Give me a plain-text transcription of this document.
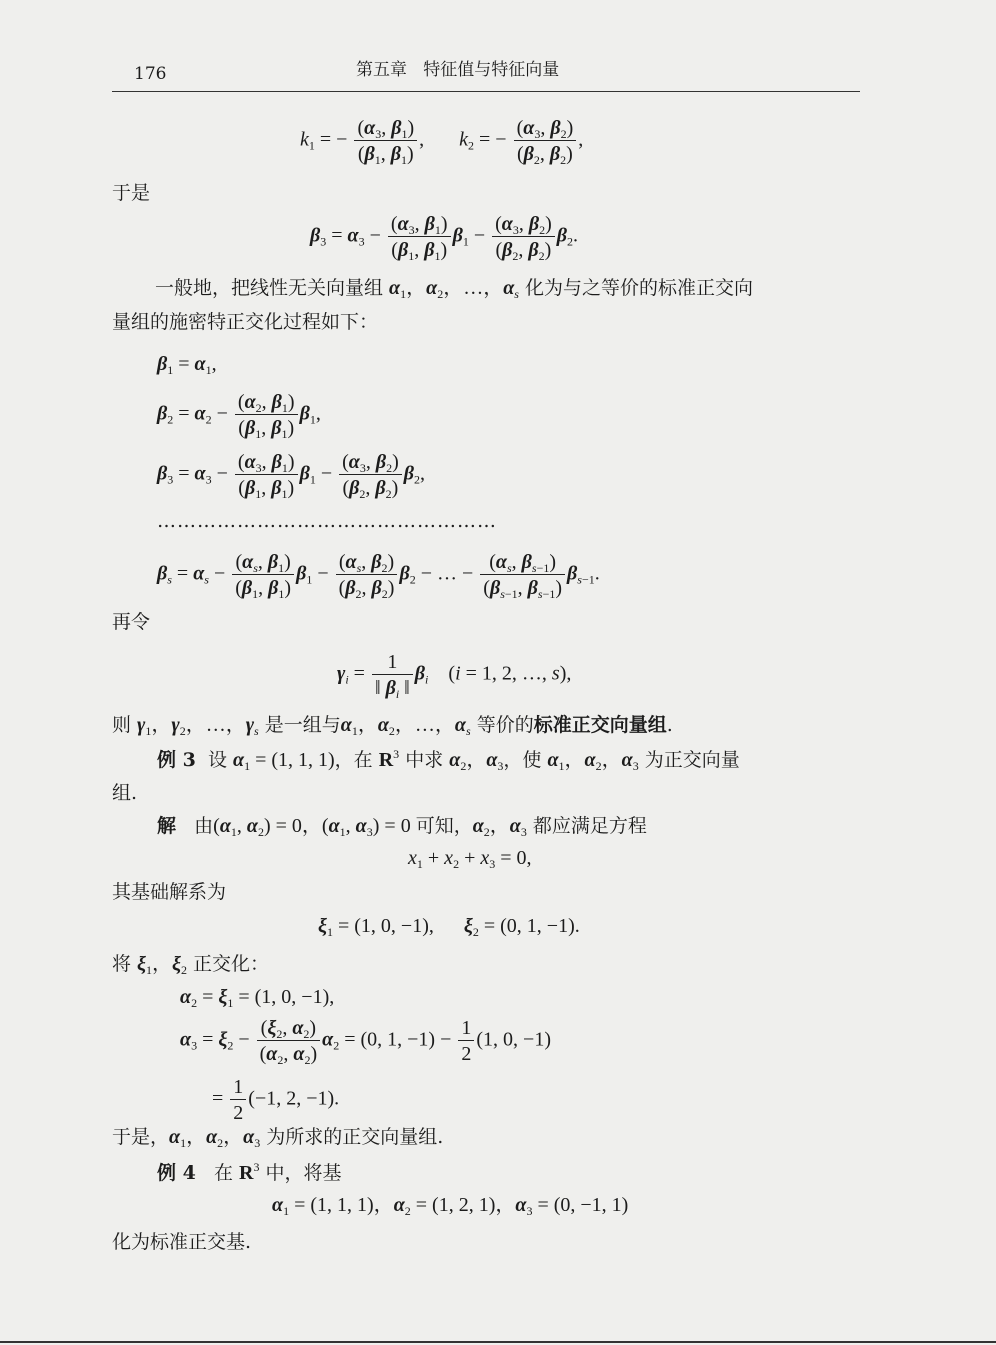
176	第五章   特征值与特征向量
$k_1$ = − $\frac{(\alpha_3, \beta_1)}{(\beta_1, \beta_1)}$ ,       $k_2$ = − $\frac{(\alpha_3, \beta_2)}{(\beta_2, \beta_2)}$ ,
于是
$\beta_3 = \alpha_3 - \frac{(\alpha_3, \beta_1)}{(\beta_1, \beta_1)} \beta_1 - \frac{(\alpha_3, \beta_2)}{(\beta_2, \beta_2)} \beta_2$.
一般地，把线性无关向量组 $\alpha_1$，$\alpha_2$，…，$\alpha_s$ 化为与之等价的标准正交向
量组的施密特正交化过程如下：
$\beta_1 = \alpha_1$,
$\beta_2 = \alpha_2 - \frac{(\alpha_2, \beta_1)}{(\beta_1, \beta_1)} \beta_1$,
$\beta_3 = \alpha_3 - \frac{(\alpha_3, \beta_1)}{(\beta_1, \beta_1)} \beta_1 - \frac{(\alpha_3, \beta_2)}{(\beta_2, \beta_2)} \beta_2$,
……………………………………………
$\beta_s = \alpha_s - \frac{(\alpha_s, \beta_1)}{(\beta_1, \beta_1)} \beta_1 - \frac{(\alpha_s, \beta_2)}{(\beta_2, \beta_2)} \beta_2$ − … − $\frac{(\alpha_s, \beta_{s-1})}{(\beta_{s-1}, \beta_{s-1})} \beta_{s-1}$.
再令
$\gamma_i = \frac{1}{‖ \beta_i ‖} \beta_i$    (i = 1, 2, …, s),
则 $\gamma_1$，$\gamma_2$，…，$\gamma_s$ 是一组与$\alpha_1$，$\alpha_2$，…，$\alpha_s$ 等价的标准正交向量组.
例 3 设 $\alpha_1 = (1$, 1, 1)，在 $R^3$ 中求 $\alpha_2$，$\alpha_3$，使 $\alpha_1$，$\alpha_2$，$\alpha_3$ 为正交向量
组.
解 由($\alpha_1$, $\alpha_2) = 0$，($\alpha_1$, $\alpha_3) = 0$ 可知，$\alpha_2$，$\alpha_3$ 都应满足方程
$x_1 + x_2 + x_3 = 0$,
其基础解系为
$\xi_1 = (1$, 0, −1),      $\xi_2 = (0$, 1, −1).
将 $\xi_1$，$\xi_2$ 正交化：
$\alpha_2 = \xi_1 = (1$, 0, −1),
$\alpha_3 = \xi_2 - \frac{(\xi_2, \alpha_2)}{(\alpha_2, \alpha_2)} \alpha_2 = (0$, 1, $-1) - \frac{1}{2} (1$, 0, −1)
= $\frac{1}{2} (-1$, 2, −1).
于是，$\alpha_1$，$\alpha_2$，$\alpha_3$ 为所求的正交向量组.
例 4 在 $R^3$ 中，将基
$\alpha_1 = (1$, 1, 1)，$\alpha_2 = (1$, 2, 1)，$\alpha_3 = (0$, −1, 1)
化为标准正交基.
